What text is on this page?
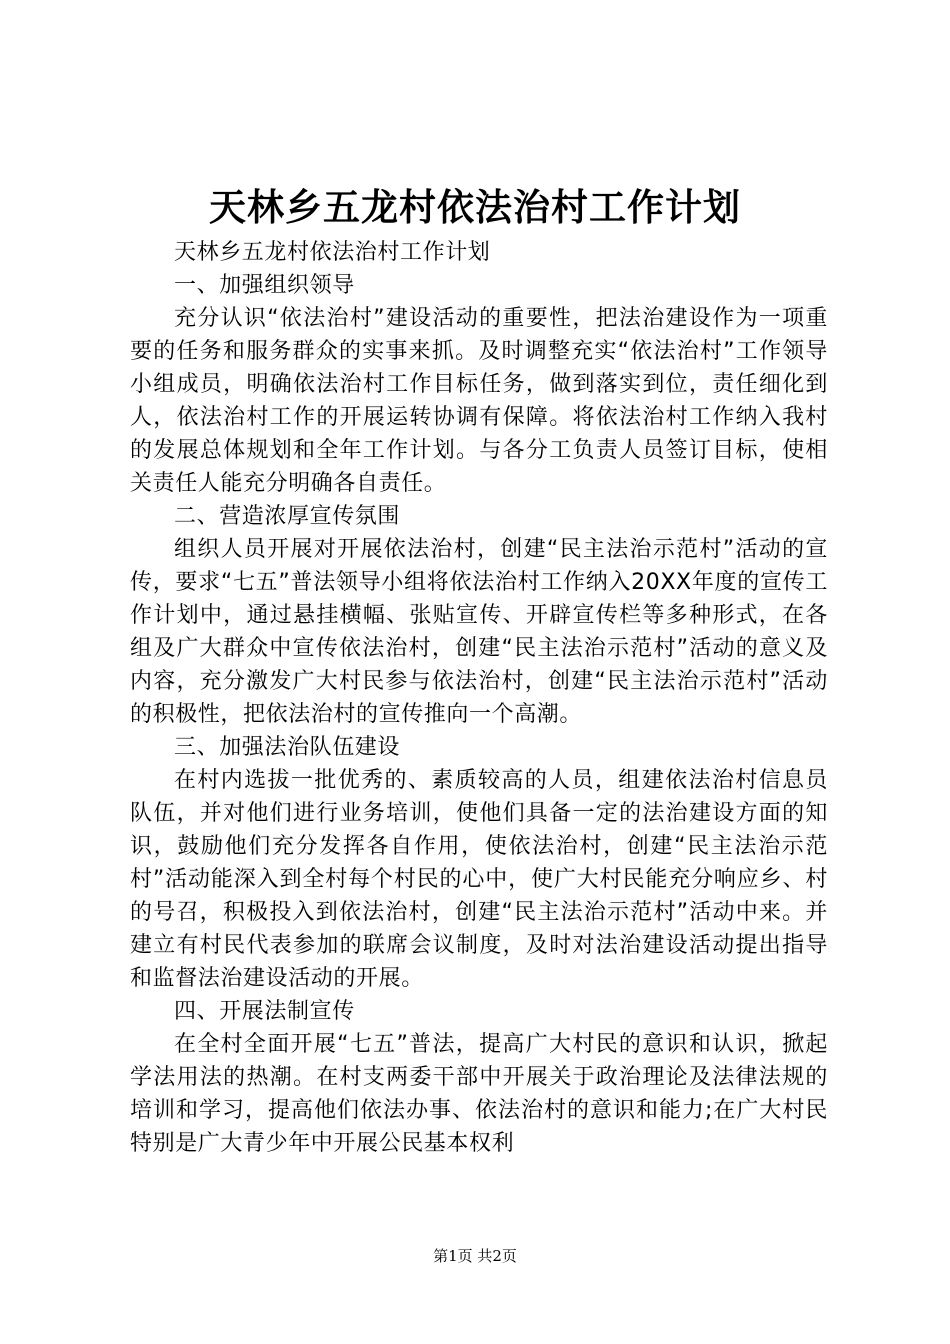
天林乡五龙村依法治村工作计划

天林乡五龙村依法治村工作计划

一、加强组织领导

充分认识“依法治村”建设活动的重要性，把法治建设作为一项重要的任务和服务群众的实事来抓。及时调整充实“依法治村”工作领导小组成员，明确依法治村工作目标任务，做到落实到位，责任细化到人，依法治村工作的开展运转协调有保障。将依法治村工作纳入我村的发展总体规划和全年工作计划。与各分工负责人员签订目标，使相关责任人能充分明确各自责任。

二、营造浓厚宣传氛围

组织人员开展对开展依法治村，创建“民主法治示范村”活动的宣传，要求“七五”普法领导小组将依法治村工作纳入20XX年度的宣传工作计划中，通过悬挂横幅、张贴宣传、开辟宣传栏等多种形式，在各组及广大群众中宣传依法治村，创建“民主法治示范村”活动的意义及内容，充分激发广大村民参与依法治村，创建“民主法治示范村”活动的积极性，把依法治村的宣传推向一个高潮。

三、加强法治队伍建设

在村内选拔一批优秀的、素质较高的人员，组建依法治村信息员队伍，并对他们进行业务培训，使他们具备一定的法治建设方面的知识，鼓励他们充分发挥各自作用，使依法治村，创建“民主法治示范村”活动能深入到全村每个村民的心中，使广大村民能充分响应乡、村的号召，积极投入到依法治村，创建“民主法治示范村”活动中来。并建立有村民代表参加的联席会议制度，及时对法治建设活动提出指导和监督法治建设活动的开展。

四、开展法制宣传

在全村全面开展“七五”普法，提高广大村民的意识和认识，掀起学法用法的热潮。在村支两委干部中开展关于政治理论及法律法规的培训和学习，提高他们依法办事、依法治村的意识和能力;在广大村民特别是广大青少年中开展公民基本权利

第1页 共2页
